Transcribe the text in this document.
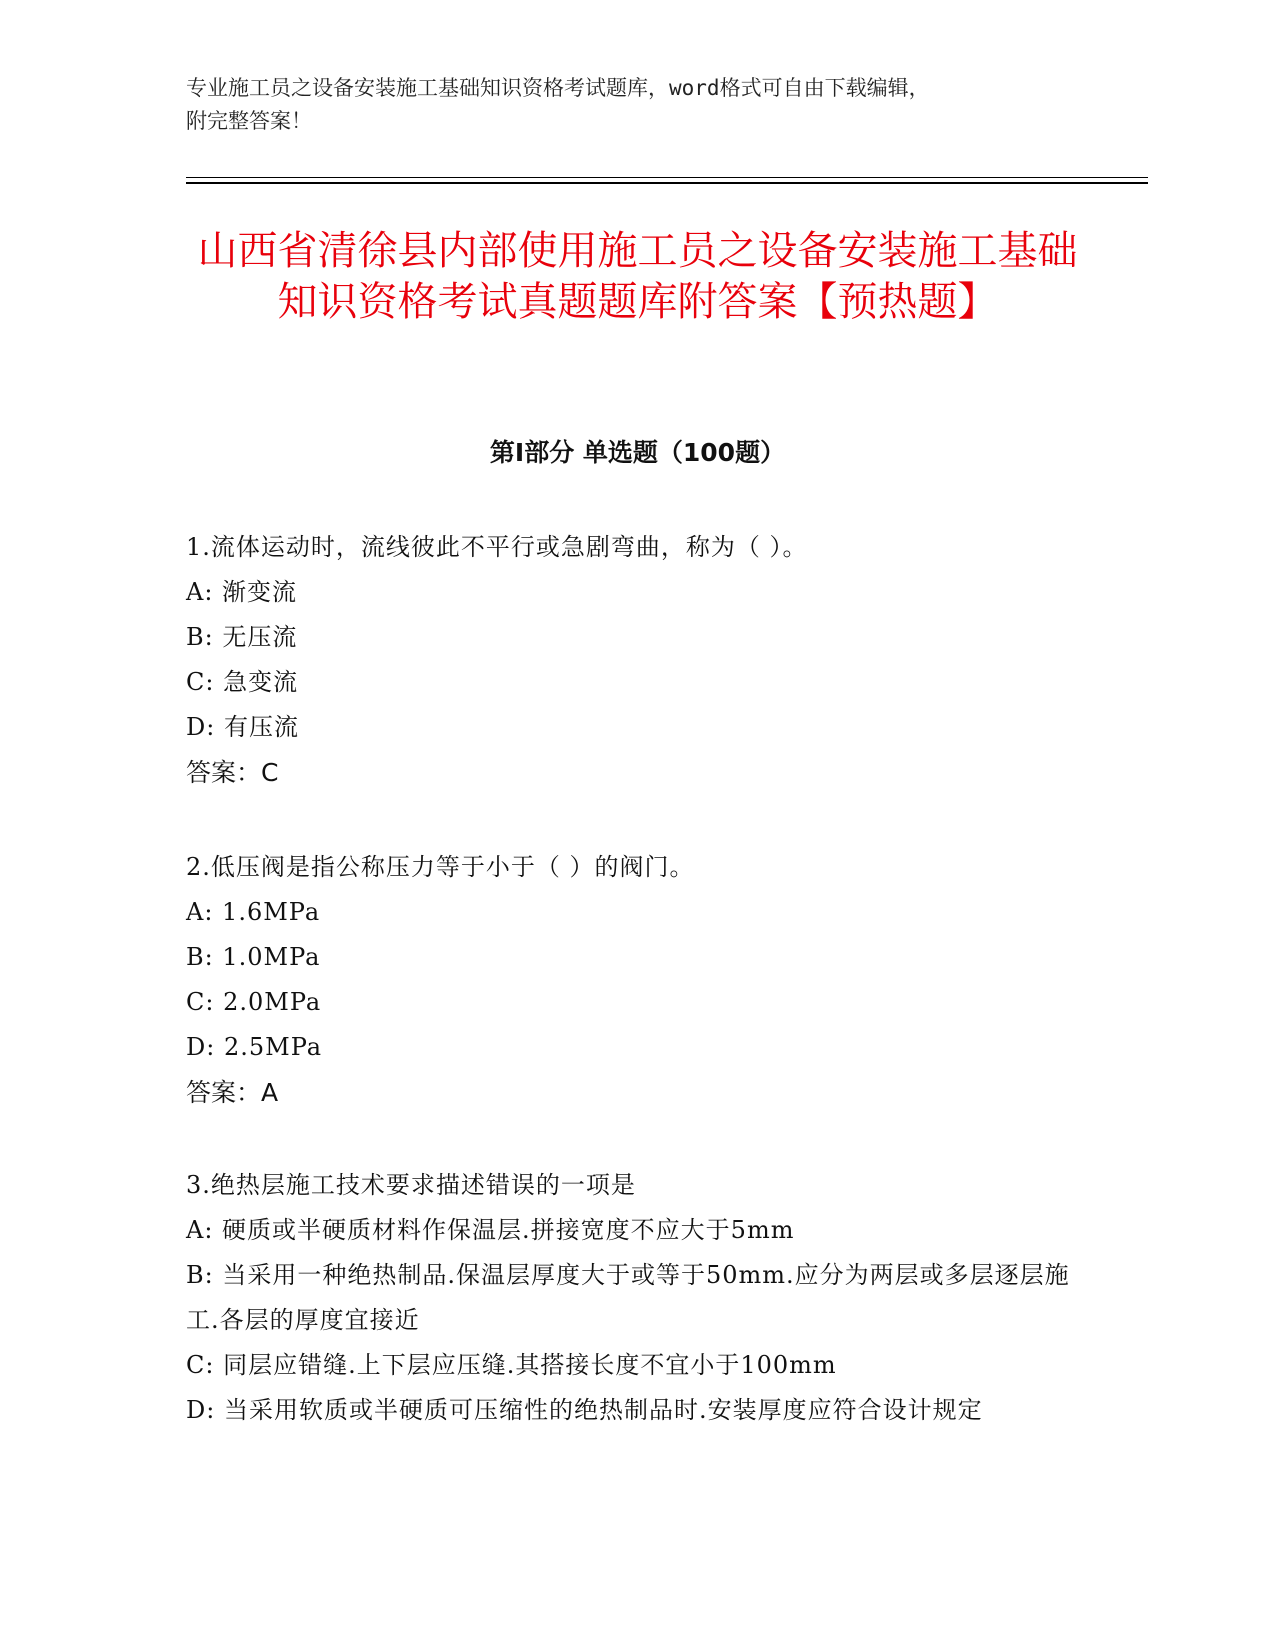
专业施工员之设备安装施工基础知识资格考试题库，word格式可自由下载编辑，
附完整答案！
山西省清徐县内部使用施工员之设备安装施工基础知识资格考试真题题库附答案【预热题】
第Ⅰ部分 单选题（100题）

1.流体运动时，流线彼此不平行或急剧弯曲，称为（ ）。

A: 渐变流

B: 无压流

C: 急变流

D: 有压流

答案：C

2.低压阀是指公称压力等于小于（ ）的阀门。

A: 1.6MPa

B: 1.0MPa

C: 2.0MPa

D: 2.5MPa

答案：A

3.绝热层施工技术要求描述错误的一项是

A: 硬质或半硬质材料作保温层.拼接宽度不应大于5mm

B: 当采用一种绝热制品.保温层厚度大于或等于50mm.应分为两层或多层逐层施工.各层的厚度宜接近

C: 同层应错缝.上下层应压缝.其搭接长度不宜小于100mm

D: 当采用软质或半硬质可压缩性的绝热制品时.安装厚度应符合设计规定
